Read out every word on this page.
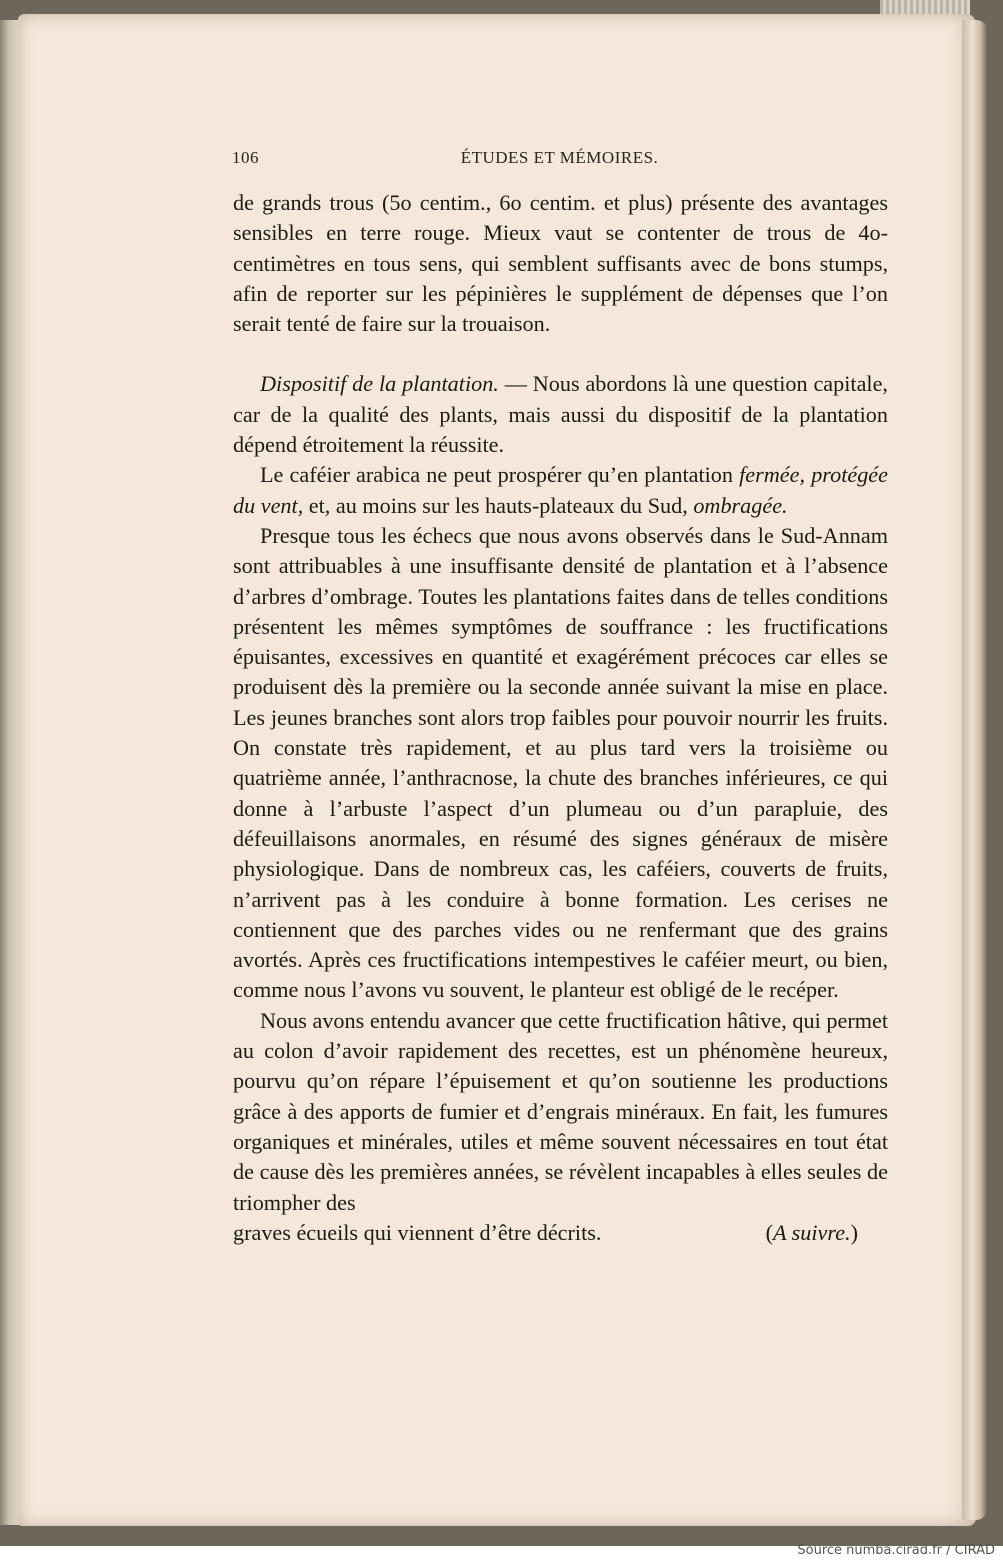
106	ÉTUDES ET MÉMOIRES.

de grands trous (5o centim., 6o centim. et plus) présente des avantages sensibles en terre rouge. Mieux vaut se contenter de trous de 4o-centimètres en tous sens, qui semblent suffisants avec de bons stumps, afin de reporter sur les pépinières le supplément de dépenses que l’on serait tenté de faire sur la trouaison.

Dispositif de la plantation. — Nous abordons là une question capitale, car de la qualité des plants, mais aussi du dispositif de la plantation dépend étroitement la réussite.

Le caféier arabica ne peut prospérer qu’en plantation fermée, protégée du vent, et, au moins sur les hauts-plateaux du Sud, ombragée.

Presque tous les échecs que nous avons observés dans le Sud-Annam sont attribuables à une insuffisante densité de plantation et à l’absence d’arbres d’ombrage. Toutes les plantations faites dans de telles conditions présentent les mêmes symptômes de souffrance : les fructifications épuisantes, excessives en quantité et exagérément précoces car elles se produisent dès la première ou la seconde année suivant la mise en place. Les jeunes branches sont alors trop faibles pour pouvoir nourrir les fruits. On constate très rapidement, et au plus tard vers la troisième ou quatrième année, l’anthracnose, la chute des branches inférieures, ce qui donne à l’arbuste l’aspect d’un plumeau ou d’un parapluie, des défeuillaisons anormales, en résumé des signes généraux de misère physiologique. Dans de nombreux cas, les caféiers, couverts de fruits, n’arrivent pas à les conduire à bonne formation. Les cerises ne contiennent que des parches vides ou ne renfermant que des grains avortés. Après ces fructifications intempestives le caféier meurt, ou bien, comme nous l’avons vu souvent, le planteur est obligé de le recéper.

Nous avons entendu avancer que cette fructification hâtive, qui permet au colon d’avoir rapidement des recettes, est un phénomène heureux, pourvu qu’on répare l’épuisement et qu’on soutienne les productions grâce à des apports de fumier et d’engrais minéraux. En fait, les fumures organiques et minérales, utiles et même souvent nécessaires en tout état de cause dès les premières années, se révèlent incapables à elles seules de triompher des

graves écueils qui viennent d’être décrits.	(A suivre.)

Source numba.cirad.fr / CIRAD
